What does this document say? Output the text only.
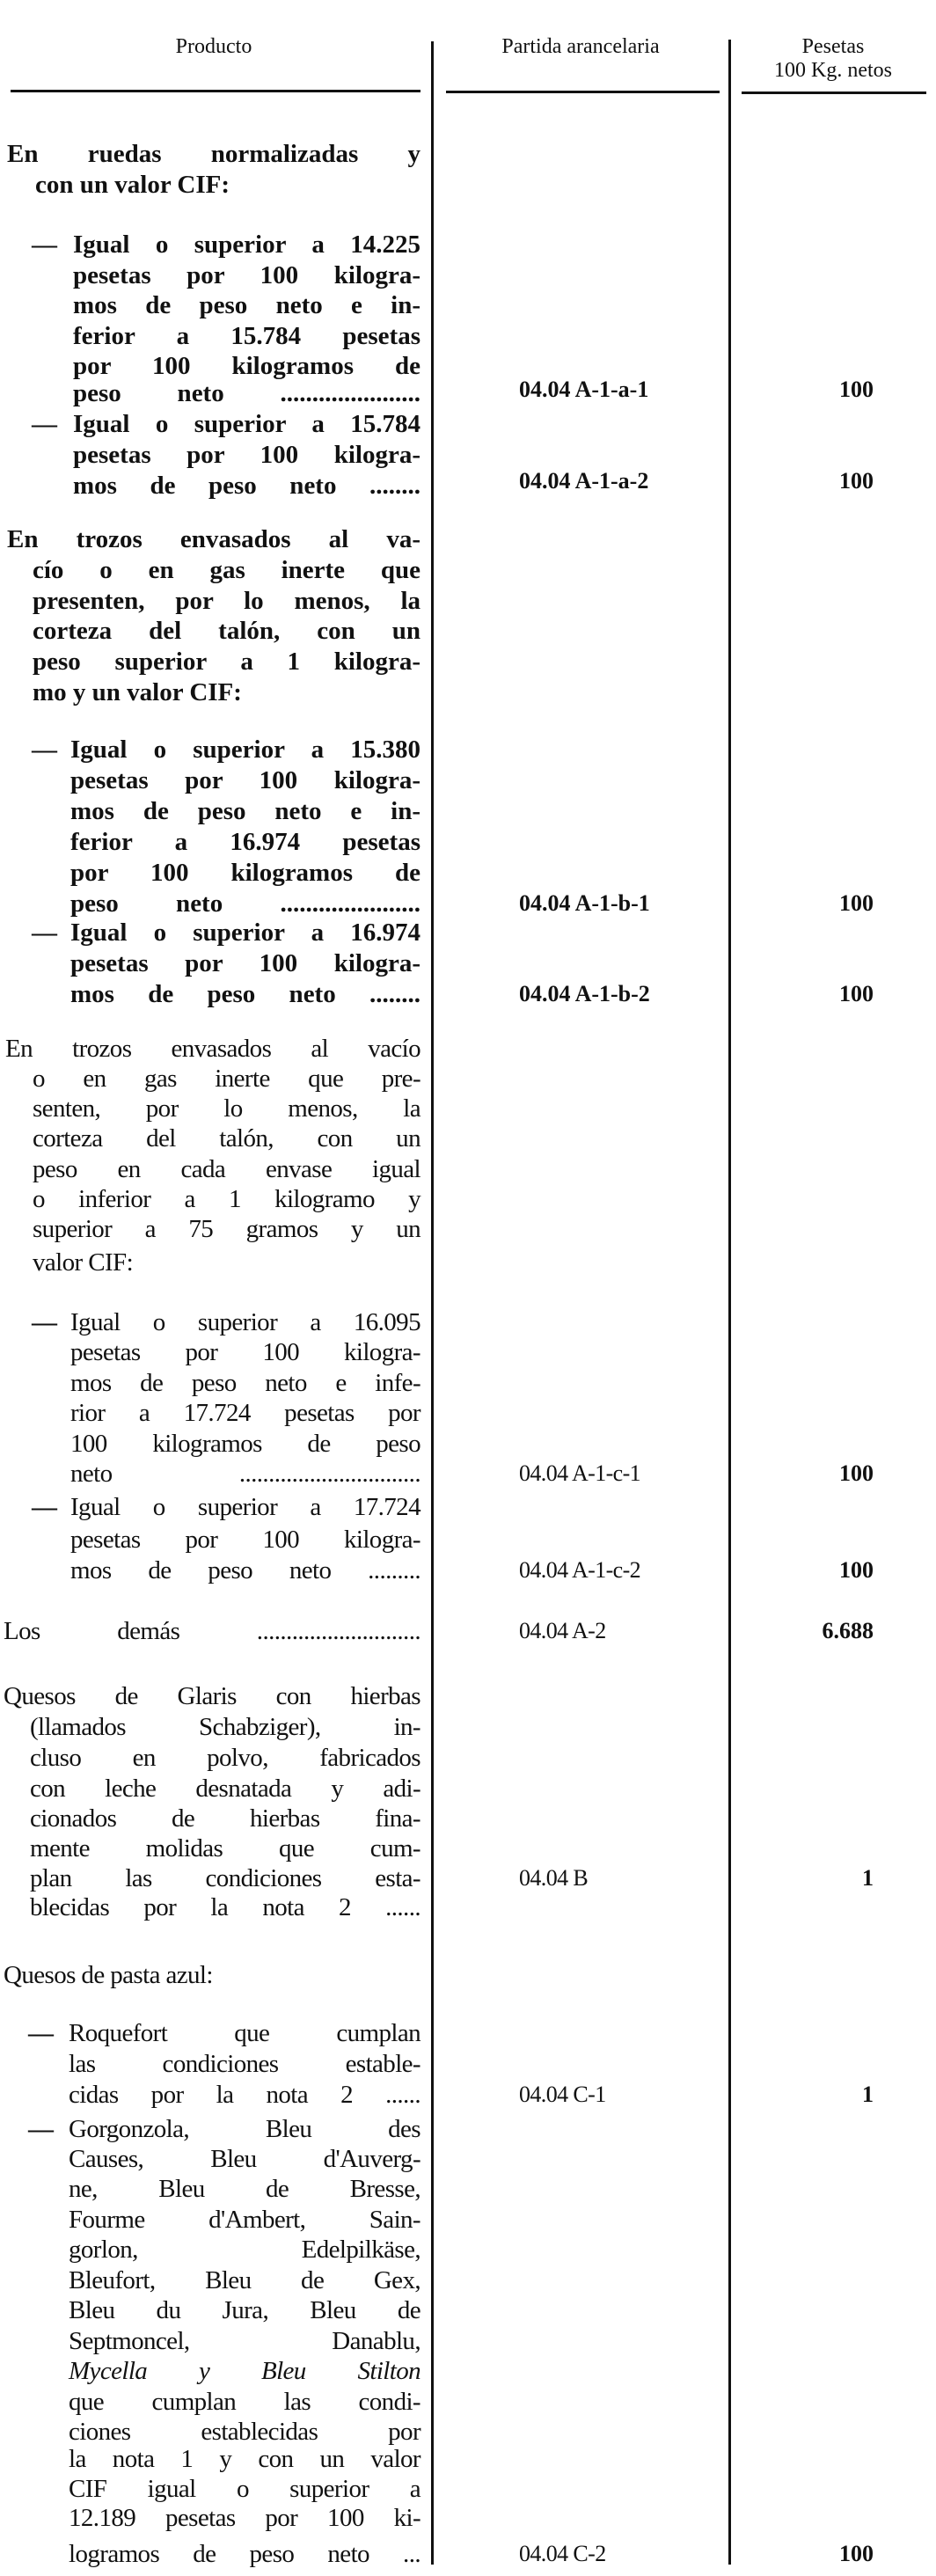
Producto	Partida arancelaria	Pesetas
100 Kg. netos
En ruedas normalizadas y
con un valor CIF:
— Igual o superior a 14.225
pesetas por 100 kilogra-
mos de peso neto e in-
ferior a 15.784 pesetas
por 100 kilogramos de
peso neto ......................	04.04 A-1-a-1	100
— Igual o superior a 15.784
pesetas por 100 kilogra-
mos de peso neto ........	04.04 A-1-a-2	100
En trozos envasados al va-
cío o en gas inerte que
presenten, por lo menos, la
corteza del talón, con un
peso superior a 1 kilogra-
mo y un valor CIF:
— Igual o superior a 15.380
pesetas por 100 kilogra-
mos de peso neto e in-
ferior a 16.974 pesetas
por 100 kilogramos de
peso neto ......................	04.04 A-1-b-1	100
— Igual o superior a 16.974
pesetas por 100 kilogra-
mos de peso neto ........	04.04 A-1-b-2	100
En trozos envasados al vacío
o en gas inerte que pre-
senten, por lo menos, la
corteza del talón, con un
peso en cada envase igual
o inferior a 1 kilogramo y
superior a 75 gramos y un
valor CIF:
— Igual o superior a 16.095
pesetas por 100 kilogra-
mos de peso neto e infe-
rior a 17.724 pesetas por
100 kilogramos de peso
neto ...............................	04.04 A-1-c-1	100
— Igual o superior a 17.724
pesetas por 100 kilogra-
mos de peso neto .........	04.04 A-1-c-2	100
Los demás ............................	04.04 A-2	6.688
Quesos de Glaris con hierbas
(llamados Schabziger), in-
cluso en polvo, fabricados
con leche desnatada y adi-
cionados de hierbas fina-
mente molidas que cum-
plan las condiciones esta-
blecidas por la nota 2 ......
04.04 B	1
Quesos de pasta azul:
— Roquefort que cumplan
las condiciones estable-
cidas por la nota 2 ......	04.04 C-1	1
— Gorgonzola, Bleu des
Causes, Bleu d'Auverg-
ne, Bleu de Bresse,
Fourme d'Ambert, Sain-
gorlon, Edelpilkäse,
Bleufort, Bleu de Gex,
Bleu du Jura, Bleu de
Septmoncel, Danablu,
Mycella y Bleu Stilton
que cumplan las condi-
ciones establecidas por
la nota 1 y con un valor
CIF igual o superior a
12.189 pesetas por 100 ki-
logramos de peso neto ...	04.04 C-2	100
